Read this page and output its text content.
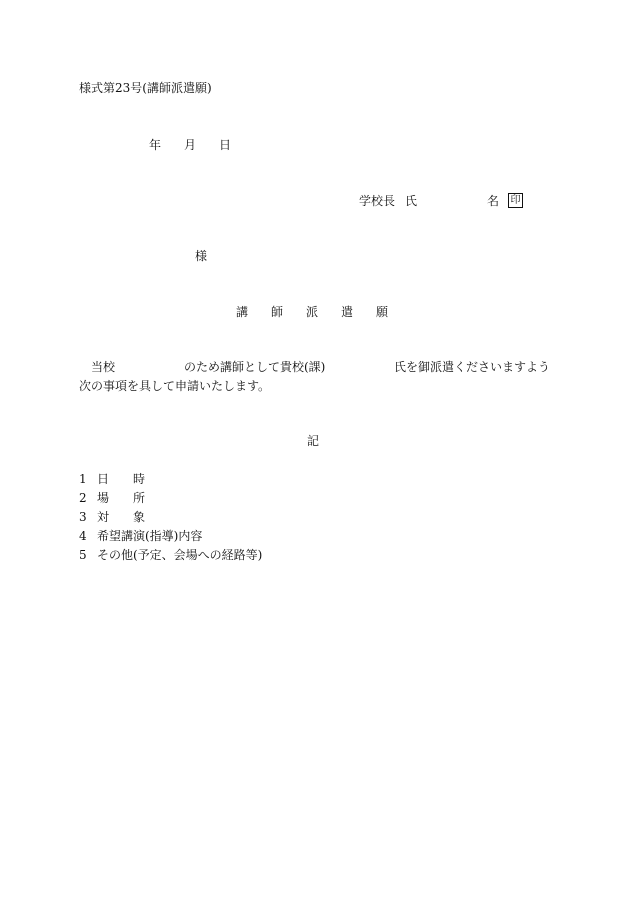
様式第23号(講師派遣願)
年 月 日
学校長 氏	名 印
様
講 師 派 遣 願
当校	のため講師として貴校(課)	氏を御派遣くださいますよう
次の事項を具して申請いたします。
記
1 日　　時
2 場　　所
3 対　　象
4 希望講演(指導)内容
5 その他(予定、会場への経路等)
